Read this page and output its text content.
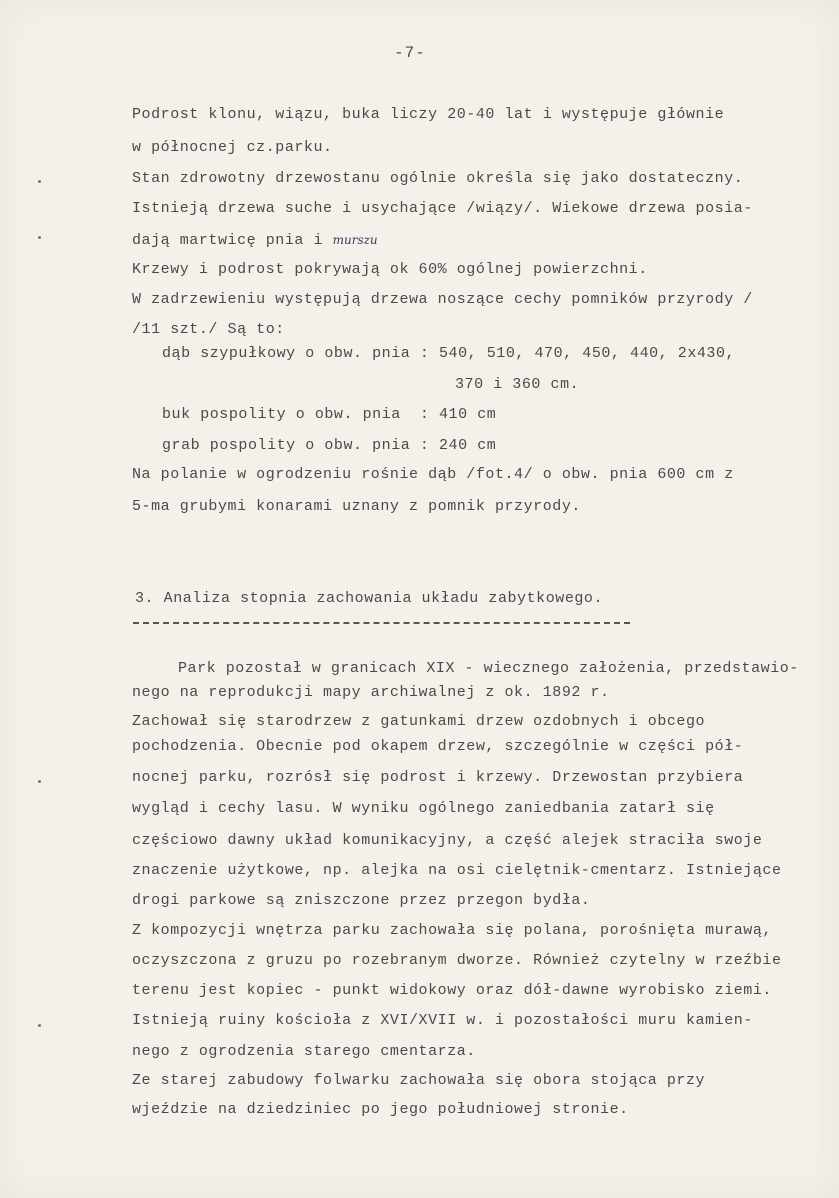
-7-
Podrost klonu, wiązu, buka liczy 20-40 lat i występuje głównie
w północnej cz.parku.
Stan zdrowotny drzewostanu ogólnie określa się jako dostateczny.
Istnieją drzewa suche i usychające /wiązy/. Wiekowe drzewa posia-
dają martwicę pnia i murszu
Krzewy i podrost pokrywają ok 60% ogólnej powierzchni.
W zadrzewieniu występują drzewa noszące cechy pomników przyrody /
/11 szt./ Są to:
dąb szypułkowy o obw. pnia : 540, 510, 470, 450, 440, 2x430,
370 i 360 cm.
buk pospolity o obw. pnia  : 410 cm
grab pospolity o obw. pnia : 240 cm
Na polanie w ogrodzeniu rośnie dąb /fot.4/ o obw. pnia 600 cm z
5-ma grubymi konarami uznany z pomnik przyrody.
3. Analiza stopnia zachowania układu zabytkowego.
Park pozostał w granicach XIX - wiecznego założenia, przedstawio-
nego na reprodukcji mapy archiwalnej z ok. 1892 r.
Zachował się starodrzew z gatunkami drzew ozdobnych i obcego
pochodzenia. Obecnie pod okapem drzew, szczególnie w części pół-
nocnej parku, rozrósł się podrost i krzewy. Drzewostan przybiera
wygląd i cechy lasu. W wyniku ogólnego zaniedbania zatarł się
częściowo dawny układ komunikacyjny, a część alejek straciła swoje
znaczenie użytkowe, np. alejka na osi cielętnik-cmentarz. Istniejące
drogi parkowe są zniszczone przez przegon bydła.
Z kompozycji wnętrza parku zachowała się polana, porośnięta murawą,
oczyszczona z gruzu po rozebranym dworze. Również czytelny w rzeźbie
terenu jest kopiec - punkt widokowy oraz dół-dawne wyrobisko ziemi.
Istnieją ruiny kościoła z XVI/XVII w. i pozostałości muru kamien-
nego z ogrodzenia starego cmentarza.
Ze starej zabudowy folwarku zachowała się obora stojąca przy
wjeździe na dziedziniec po jego południowej stronie.
